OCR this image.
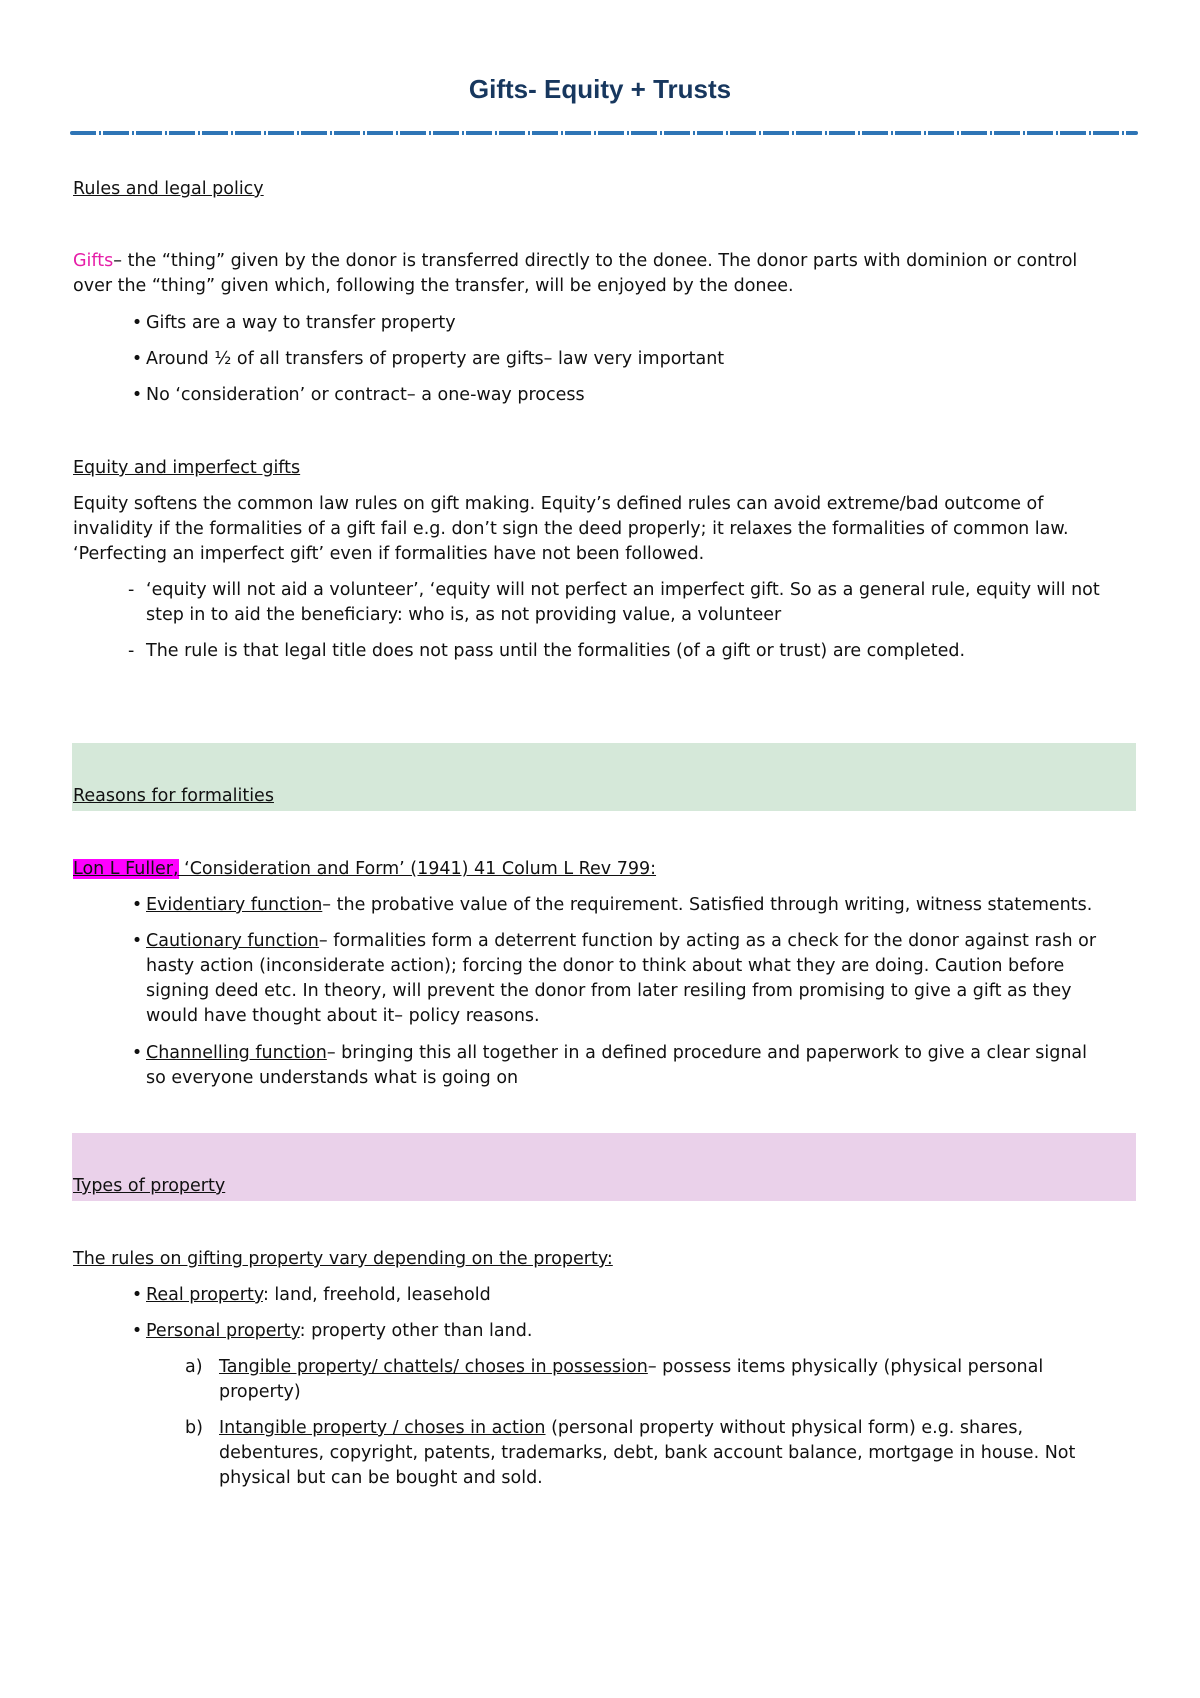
Gifts- Equity + Trusts
Rules and legal policy
Gifts– the “thing” given by the donor is transferred directly to the donee. The donor parts with dominion or control
over the “thing” given which, following the transfer, will be enjoyed by the donee.
• Gifts are a way to transfer property
• Around ½ of all transfers of property are gifts– law very important
• No ‘consideration’ or contract– a one-way process
Equity and imperfect gifts
Equity softens the common law rules on gift making. Equity’s defined rules can avoid extreme/bad outcome of
invalidity if the formalities of a gift fail e.g. don’t sign the deed properly; it relaxes the formalities of common law.
‘Perfecting an imperfect gift’ even if formalities have not been followed.
- ‘equity will not aid a volunteer’, ‘equity will not perfect an imperfect gift. So as a general rule, equity will not
step in to aid the beneficiary: who is, as not providing value, a volunteer
- The rule is that legal title does not pass until the formalities (of a gift or trust) are completed.
Reasons for formalities
Lon L Fuller, ‘Consideration and Form’ (1941) 41 Colum L Rev 799:
• Evidentiary function– the probative value of the requirement. Satisfied through writing, witness statements.
• Cautionary function– formalities form a deterrent function by acting as a check for the donor against rash or
hasty action (inconsiderate action); forcing the donor to think about what they are doing. Caution before
signing deed etc. In theory, will prevent the donor from later resiling from promising to give a gift as they
would have thought about it– policy reasons.
• Channelling function– bringing this all together in a defined procedure and paperwork to give a clear signal
so everyone understands what is going on
Types of property
The rules on gifting property vary depending on the property:
• Real property: land, freehold, leasehold
• Personal property: property other than land.
a) Tangible property/ chattels/ choses in possession– possess items physically (physical personal
property)
b) Intangible property / choses in action (personal property without physical form) e.g. shares,
debentures, copyright, patents, trademarks, debt, bank account balance, mortgage in house. Not
physical but can be bought and sold.
